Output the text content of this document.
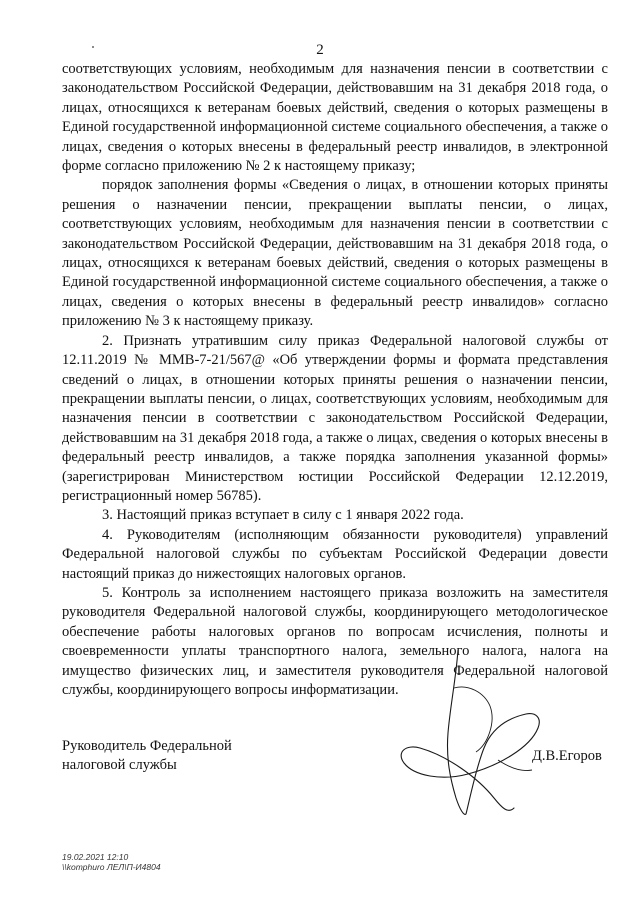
2

соответствующих условиям, необходимым для назначения пенсии в соответствии с законодательством Российской Федерации, действовавшим на 31 декабря 2018 года, о лицах, относящихся к ветеранам боевых действий, сведения о которых размещены в Единой государственной информационной системе социального обеспечения, а также о лицах, сведения о которых внесены в федеральный реестр инвалидов, в электронной форме согласно приложению № 2 к настоящему приказу;

порядок заполнения формы «Сведения о лицах, в отношении которых приняты решения о назначении пенсии, прекращении выплаты пенсии, о лицах, соответствующих условиям, необходимым для назначения пенсии в соответствии с законодательством Российской Федерации, действовавшим на 31 декабря 2018 года, о лицах, относящихся к ветеранам боевых действий, сведения о которых размещены в Единой государственной информационной системе социального обеспечения, а также о лицах, сведения о которых внесены в федеральный реестр инвалидов» согласно приложению № 3 к настоящему приказу.

2. Признать утратившим силу приказ Федеральной налоговой службы от 12.11.2019 № ММВ-7-21/567@ «Об утверждении формы и формата представления сведений о лицах, в отношении которых приняты решения о назначении пенсии, прекращении выплаты пенсии, о лицах, соответствующих условиям, необходимым для назначения пенсии в соответствии с законодательством Российской Федерации, действовавшим на 31 декабря 2018 года, а также о лицах, сведения о которых внесены в федеральный реестр инвалидов, а также порядка заполнения указанной формы» (зарегистрирован Министерством юстиции Российской Федерации 12.12.2019, регистрационный номер 56785).

3. Настоящий приказ вступает в силу с 1 января 2022 года.

4. Руководителям (исполняющим обязанности руководителя) управлений Федеральной налоговой службы по субъектам Российской Федерации довести настоящий приказ до нижестоящих налоговых органов.

5. Контроль за исполнением настоящего приказа возложить на заместителя руководителя Федеральной налоговой службы, координирующего методологическое обеспечение работы налоговых органов по вопросам исчисления, полноты и своевременности уплаты транспортного налога, земельного налога, налога на имущество физических лиц, и заместителя руководителя Федеральной налоговой службы, координирующего вопросы информатизации.

Руководитель Федеральной
налоговой службы
Д.В.Егоров
19.02.2021 12:10
\\komphuro ЛЕЛ\П-И4804
